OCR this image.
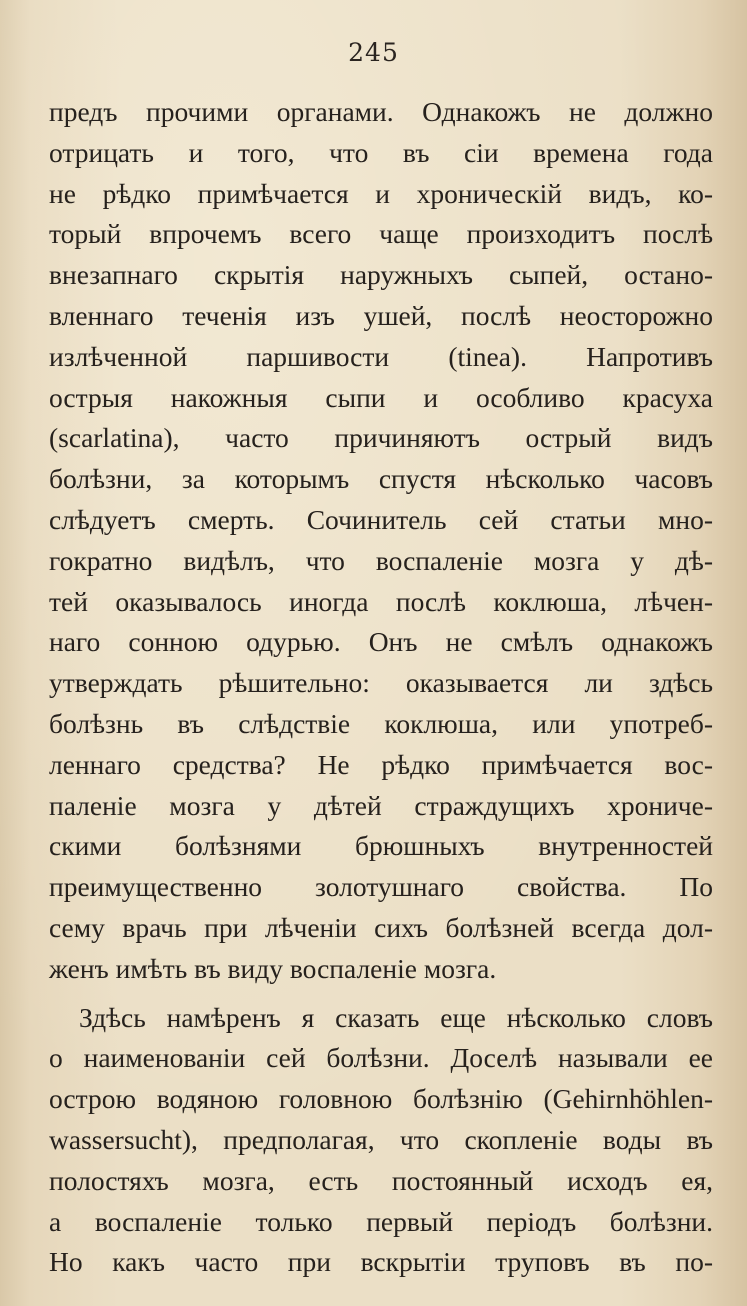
245
предъ прочими органами. Однакожъ не должно
отрицать и того, что въ сіи времена года
не рѣдко примѣчается и хроническій видъ, ко-
торый впрочемъ всего чаще произходитъ послѣ
внезапнаго скрытія наружныхъ сыпей, остано-
вленнаго теченія изъ ушей, послѣ неосторожно
излѣченной паршивости (tinea). Напротивъ
острыя накожныя сыпи и особливо красуха
(scarlatina), часто причиняютъ острый видъ
болѣзни, за которымъ спустя нѣсколько часовъ
слѣдуетъ смерть. Сочинитель сей статьи мно-
гократно видѣлъ, что воспаленіе мозга у дѣ-
тей оказывалось иногда послѣ коклюша, лѣчен-
наго сонною одурью. Онъ не смѣлъ однакожъ
утверждать рѣшительно: оказывается ли здѣсь
болѣзнь въ слѣдствіе коклюша, или употреб-
леннаго средства? Не рѣдко примѣчается вос-
паленіе мозга у дѣтей страждущихъ хрониче-
скими болѣзнями брюшныхъ внутренностей
преимущественно золотушнаго свойства. По
сему врачь при лѣченіи сихъ болѣзней всегда дол-
женъ имѣть въ виду воспаленіе мозга.
Здѣсь намѣренъ я сказать еще нѣсколько словъ
о наименованіи сей болѣзни. Доселѣ называли ее
острою водяною головною болѣзнію (Gehirnhöhlen-
wassersucht), предполагая, что скопленіе воды въ
полостяхъ мозга, есть постоянный исходъ ея,
а воспаленіе только первый періодъ болѣзни.
Но какъ часто при вскрытіи труповъ въ по-
